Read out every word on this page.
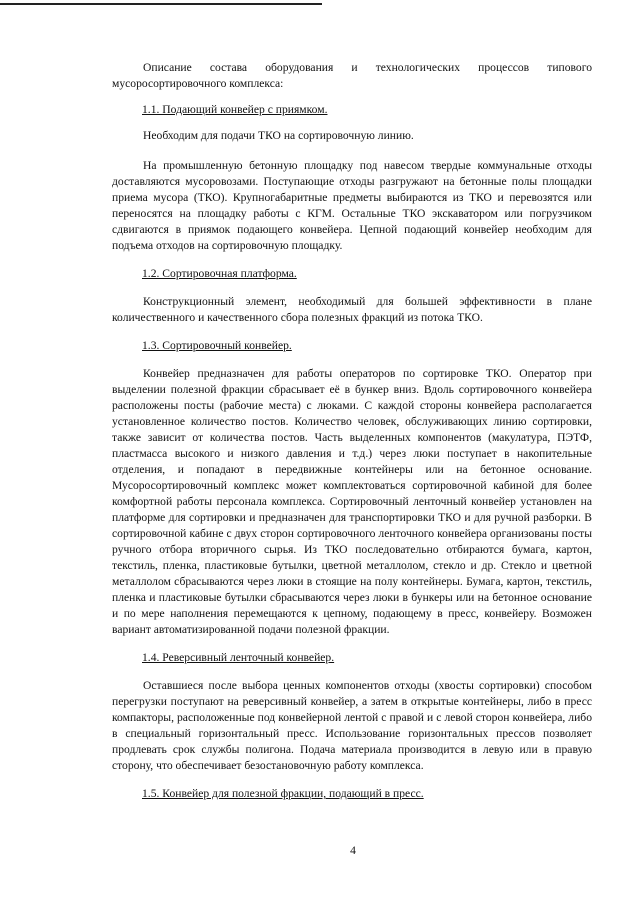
Описание состава оборудования и технологических процессов типового мусоросортировочного комплекса:

1.1. Подающий конвейер с приямком.

Необходим для подачи ТКО на сортировочную линию.

На промышленную бетонную площадку под навесом твердые коммунальные отходы доставляются мусоровозами. Поступающие отходы разгружают на бетонные полы площадки приема мусора (ТКО). Крупногабаритные предметы выбираются из ТКО и перевозятся или переносятся на площадку работы с КГМ. Остальные ТКО экскаватором или погрузчиком сдвигаются в приямок подающего конвейера. Цепной подающий конвейер необходим для подъема отходов на сортировочную площадку.

1.2. Сортировочная платформа.

Конструкционный элемент, необходимый для большей эффективности в плане количественного и качественного сбора полезных фракций из потока ТКО.

1.3. Сортировочный конвейер.

Конвейер предназначен для работы операторов по сортировке ТКО. Оператор при выделении полезной фракции сбрасывает её в бункер вниз. Вдоль сортировочного конвейера расположены посты (рабочие места) с люками. С каждой стороны конвейера располагается установленное количество постов. Количество человек, обслуживающих линию сортировки, также зависит от количества постов. Часть выделенных компонентов (макулатура, ПЭТФ, пластмасса высокого и низкого давления и т.д.) через люки поступает в накопительные отделения, и попадают в передвижные контейнеры или на бетонное основание. Мусоросортировочный комплекс может комплектоваться сортировочной кабиной для более комфортной работы персонала комплекса. Сортировочный ленточный конвейер установлен на платформе для сортировки и предназначен для транспортировки ТКО и для ручной разборки. В сортировочной кабине с двух сторон сортировочного ленточного конвейера организованы посты ручного отбора вторичного сырья. Из ТКО последовательно отбираются бумага, картон, текстиль, пленка, пластиковые бутылки, цветной металлолом, стекло и др. Стекло и цветной металлолом сбрасываются через люки в стоящие на полу контейнеры. Бумага, картон, текстиль, пленка и пластиковые бутылки сбрасываются через люки в бункеры или на бетонное основание и по мере наполнения перемещаются к цепному, подающему в пресс, конвейеру. Возможен вариант автоматизированной подачи полезной фракции.

1.4. Реверсивный ленточный конвейер.

Оставшиеся после выбора ценных компонентов отходы (хвосты сортировки) способом перегрузки поступают на реверсивный конвейер, а затем в открытые контейнеры, либо в пресс компакторы, расположенные под конвейерной лентой с правой и с левой сторон конвейера, либо в специальный горизонтальный пресс. Использование горизонтальных прессов позволяет продлевать срок службы полигона. Подача материала производится в левую или в правую сторону, что обеспечивает безостановочную работу комплекса.

1.5. Конвейер для полезной фракции, подающий в пресс.

4
